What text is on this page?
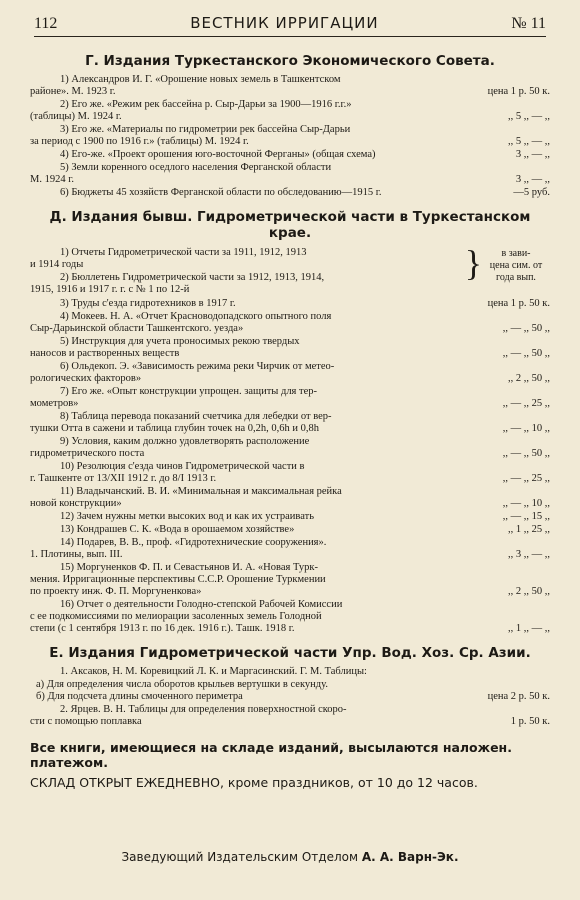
112	ВЕСТНИК ИРРИГАЦИИ	№ 11
Г. Издания Туркестанского Экономического Совета.
1) Александров И. Г. «Орошение новых земель в Ташкентском
районе». М. 1923 г.	цена 1 р. 50 к.
2) Его же. «Режим рек бассейна р. Сыр-Дарьи за 1900—1916 г.г.»
(таблицы) М. 1924 г.	,, 5 ,, — ,,
3) Его же. «Материалы по гидрометрии рек бассейна Сыр-Дарьи
за период с 1900 по 1916 г.» (таблицы) М. 1924 г.	,, 5 ,, — ,,
4) Его-же. «Проект орошения юго-восточной Ферганы» (общая схема)	3 ,, — ,,
5) Земли коренного оседлого населения Ферганской области
М. 1924 г.	3 ,, — ,,
6) Бюджеты 45 хозяйств Ферганской области по обследованию—1915 г.	—5 руб.
Д. Издания бывш. Гидрометрической части в Туркестанском крае.
1) Отчеты Гидрометрической части за 1911, 1912, 1913
и 1914 годы
2) Бюллетень Гидрометрической части за 1912, 1913, 1914,
1915, 1916 и 1917 г. г. с № 1 по 12-й
}	в зави-
цена сим. от
года вып.
3) Труды с'езда гидротехников в 1917 г.	цена 1 р. 50 к.
4) Мокеев. Н. А. «Отчет Красноводопадского опытного поля
Сыр-Дарьинской области Ташкентского. уезда»	,, — ,, 50 ,,
5) Инструкция для учета проносимых рекою твердых
наносов и растворенных веществ	,, — ,, 50 ,,
6) Ольдекоп. Э. «Зависимость режима реки Чирчик от метео-
рологических факторов»	,, 2 ,, 50 ,,
7) Его же. «Опыт конструкции упрощен. защиты для тер-
мометров»	,, — ,, 25 ,,
8) Таблица перевода показаний счетчика для лебедки от вер-
тушки Отта в сажени и таблица глубин точек на 0,2h, 0,6h и 0,8h	,, — ,, 10 ,,
9) Условия, каким должно удовлетворять расположение
гидрометрического поста	,, — ,, 50 ,,
10) Резолюция с'езда чинов Гидрометрической части в
г. Ташкенте от 13/XII 1912 г. до 8/I 1913 г.	,, — ,, 25 ,,
11) Владычанский. В. И. «Минимальная и максимальная рейка
новой конструкции»	,, — ,, 10 ,,
12) Зачем нужны метки высоких вод и как их устраивать	,, — ,, 15 ,,
13) Кондрашев С. К. «Вода в орошаемом хозяйстве»	,, 1 ,, 25 ,,
14) Подарев, В. В., проф. «Гидротехнические сооружения».
1. Плотины, вып. III.	,, 3 ,, — ,,
15) Моргуненков Ф. П. и Севастьянов И. А. «Новая Турк-
мения. Ирригационные перспективы С.С.Р. Орошение Туркмении
по проекту инж. Ф. П. Моргуненкова»	,, 2 ,, 50 ,,
16) Отчет о деятельности Голодно-степской Рабочей Комиссии
с ее подкомиссиями по мелиорации засоленных земель Голодной
степи (с 1 сентября 1913 г. по 16 дек. 1916 г.). Ташк. 1918 г.	,, 1 ,, — ,,
Е. Издания Гидрометрической части Упр. Вод. Хоз. Ср. Азии.
1. Аксаков, Н. М. Коревицкий Л. К. и Маргасинский. Г. М. Таблицы:
а) Для определения числа оборотов крыльев вертушки в секунду.
б) Для подсчета длины смоченного периметра	цена 2 р. 50 к.
2. Ярцев. В. Н. Таблицы для определения поверхностной скоро-
сти с помощью поплавка	1 р. 50 к.
Все книги, имеющиеся на складе изданий, высылаются наложен. платежом.
СКЛАД ОТКРЫТ ЕЖЕДНЕВНО, кроме праздников, от 10 до 12 часов.
Заведующий Издательским Отделом А. А. Варн-Эк.
